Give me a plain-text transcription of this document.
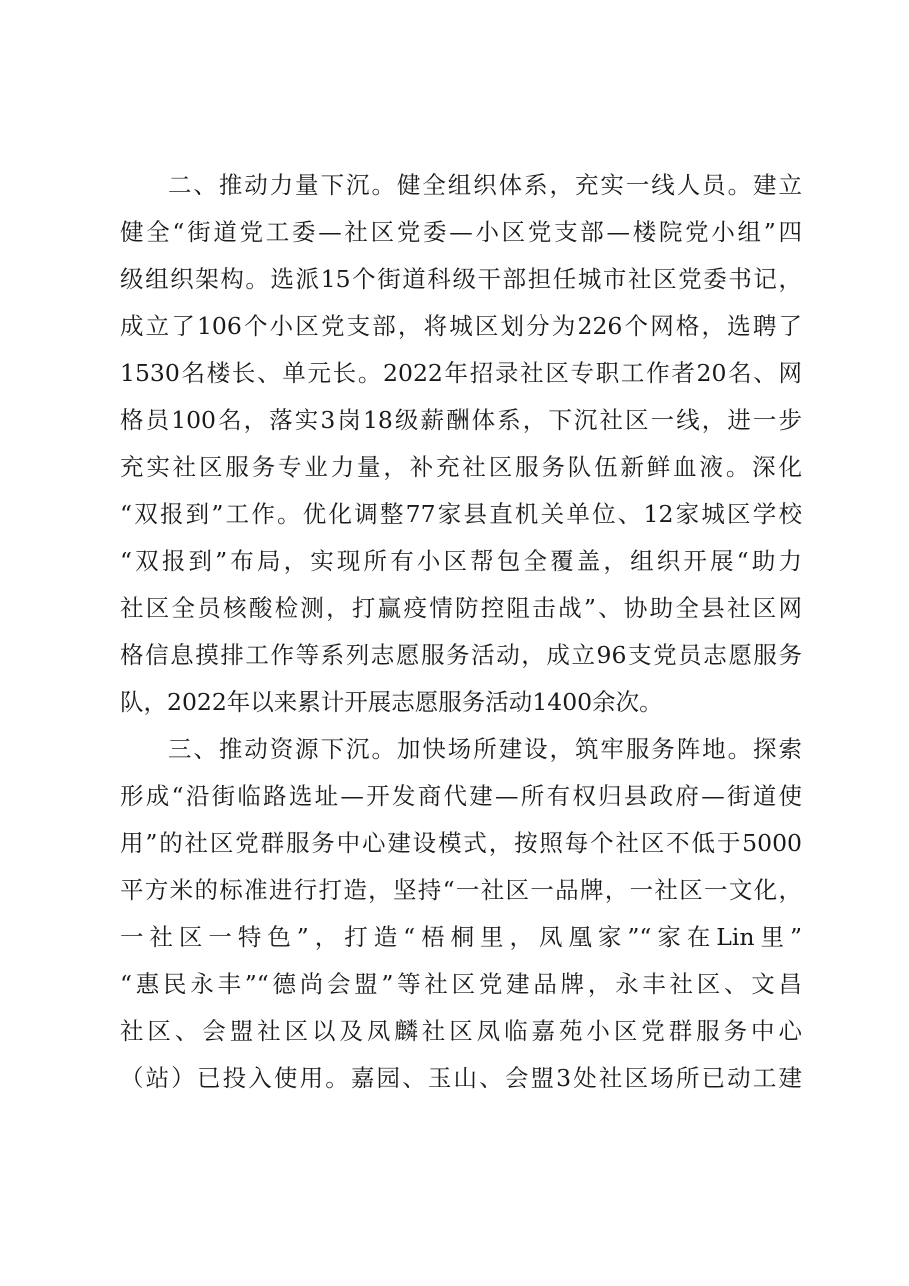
二、推动力量下沉。健全组织体系，充实一线人员。建立
健全“街道党工委—社区党委—小区党支部—楼院党小组”四
级组织架构。选派15个街道科级干部担任城市社区党委书记，
成立了106个小区党支部，将城区划分为226个网格，选聘了
1530名楼长、单元长。2022年招录社区专职工作者20名、网
格员100名，落实3岗18级薪酬体系，下沉社区一线，进一步
充实社区服务专业力量，补充社区服务队伍新鲜血液。深化
“双报到”工作。优化调整77家县直机关单位、12家城区学校
“双报到”布局，实现所有小区帮包全覆盖，组织开展“助力
社区全员核酸检测，打赢疫情防控阻击战”、协助全县社区网
格信息摸排工作等系列志愿服务活动，成立96支党员志愿服务
队，2022年以来累计开展志愿服务活动1400余次。
三、推动资源下沉。加快场所建设，筑牢服务阵地。探索
形成“沿街临路选址—开发商代建—所有权归县政府—街道使
用”的社区党群服务中心建设模式，按照每个社区不低于5000
平方米的标准进行打造，坚持“一社区一品牌，一社区一文化，
一社区一特色”，打造“梧桐里，凤凰家”“家在Lin里”
“惠民永丰”“德尚会盟”等社区党建品牌，永丰社区、文昌
社区、会盟社区以及凤麟社区凤临嘉苑小区党群服务中心
（站）已投入使用。嘉园、玉山、会盟3处社区场所已动工建
